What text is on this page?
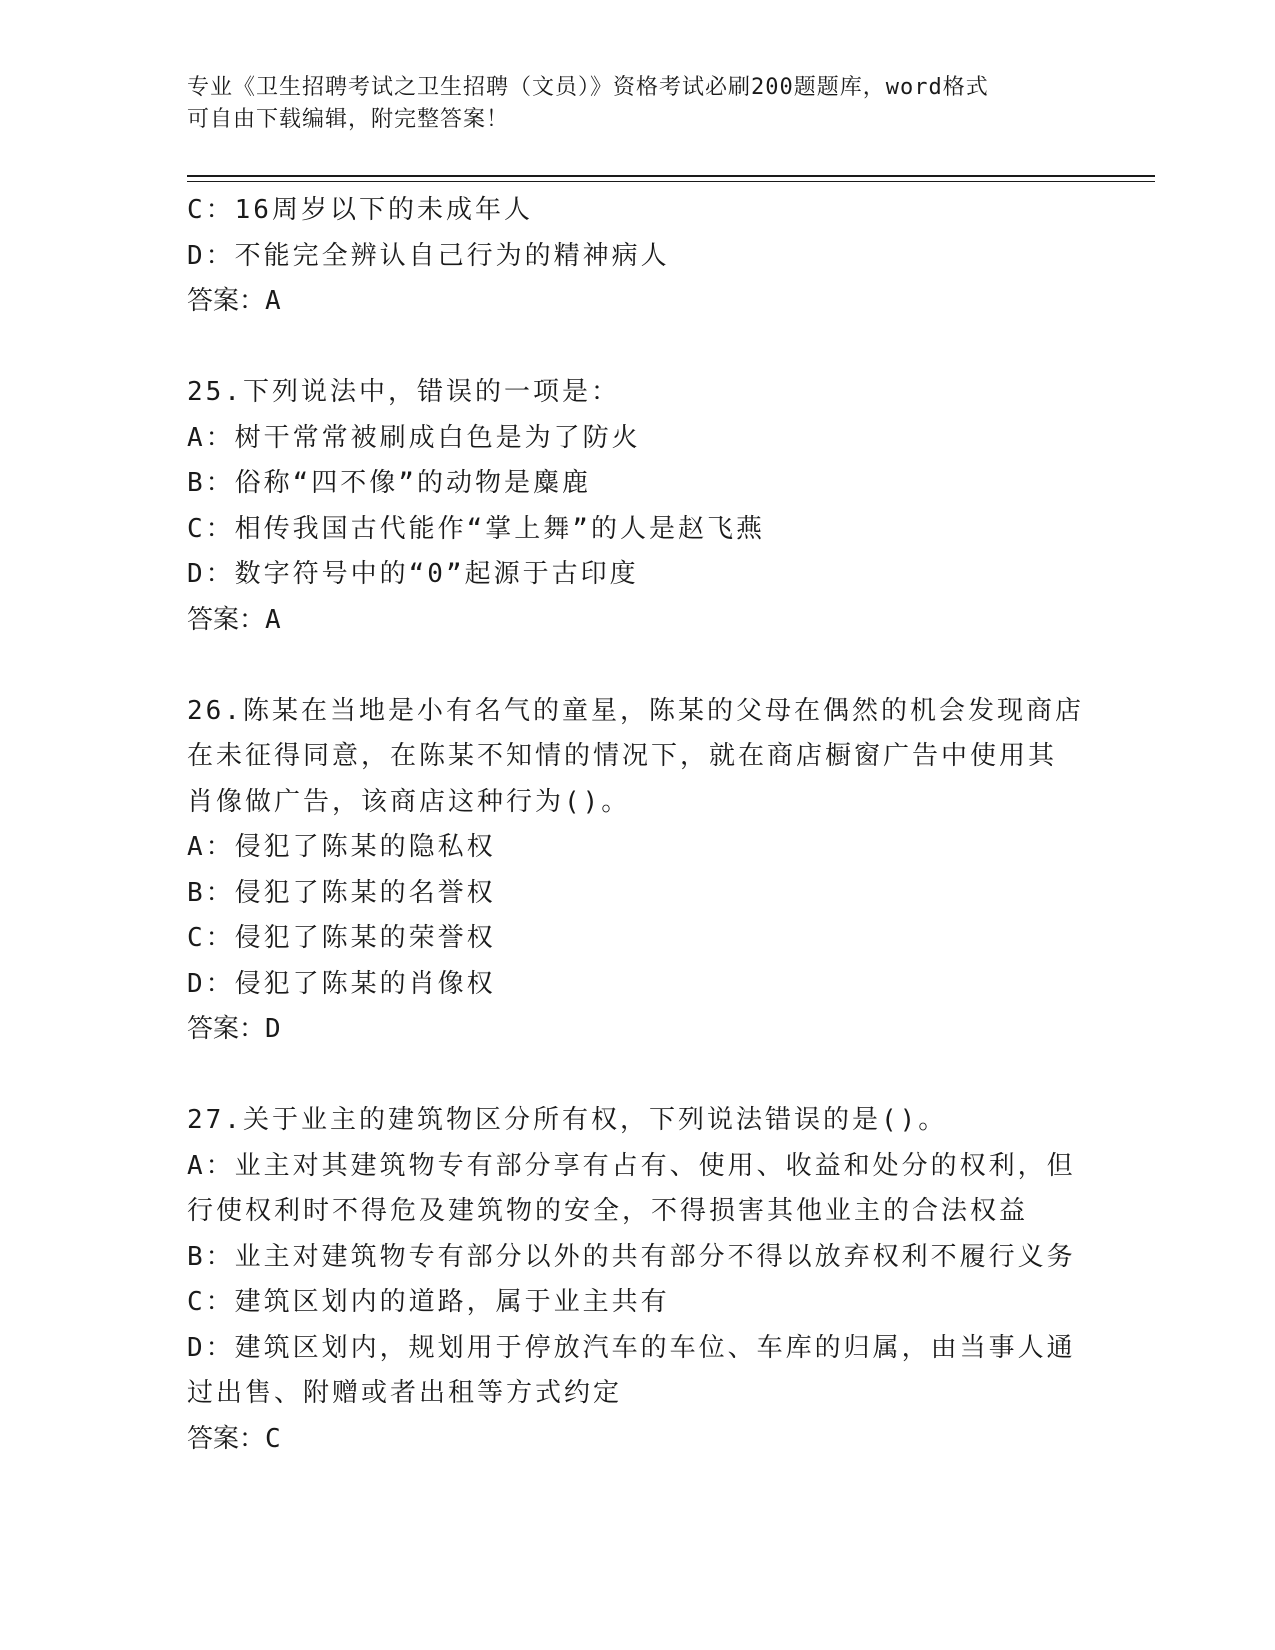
专业《卫生招聘考试之卫生招聘（文员）》资格考试必刷200题题库，word格式
可自由下载编辑，附完整答案！
C：16周岁以下的未成年人
D：不能完全辨认自己行为的精神病人
答案：A
25.下列说法中，错误的一项是：
A：树干常常被刷成白色是为了防火
B：俗称“四不像”的动物是麋鹿
C：相传我国古代能作“掌上舞”的人是赵飞燕
D：数字符号中的“0”起源于古印度
答案：A
26.陈某在当地是小有名气的童星，陈某的父母在偶然的机会发现商店
在未征得同意，在陈某不知情的情况下，就在商店橱窗广告中使用其
肖像做广告，该商店这种行为()。
A：侵犯了陈某的隐私权
B：侵犯了陈某的名誉权
C：侵犯了陈某的荣誉权
D：侵犯了陈某的肖像权
答案：D
27.关于业主的建筑物区分所有权，下列说法错误的是()。
A：业主对其建筑物专有部分享有占有、使用、收益和处分的权利，但
行使权利时不得危及建筑物的安全，不得损害其他业主的合法权益
B：业主对建筑物专有部分以外的共有部分不得以放弃权利不履行义务
C：建筑区划内的道路，属于业主共有
D：建筑区划内，规划用于停放汽车的车位、车库的归属，由当事人通
过出售、附赠或者出租等方式约定
答案：C
